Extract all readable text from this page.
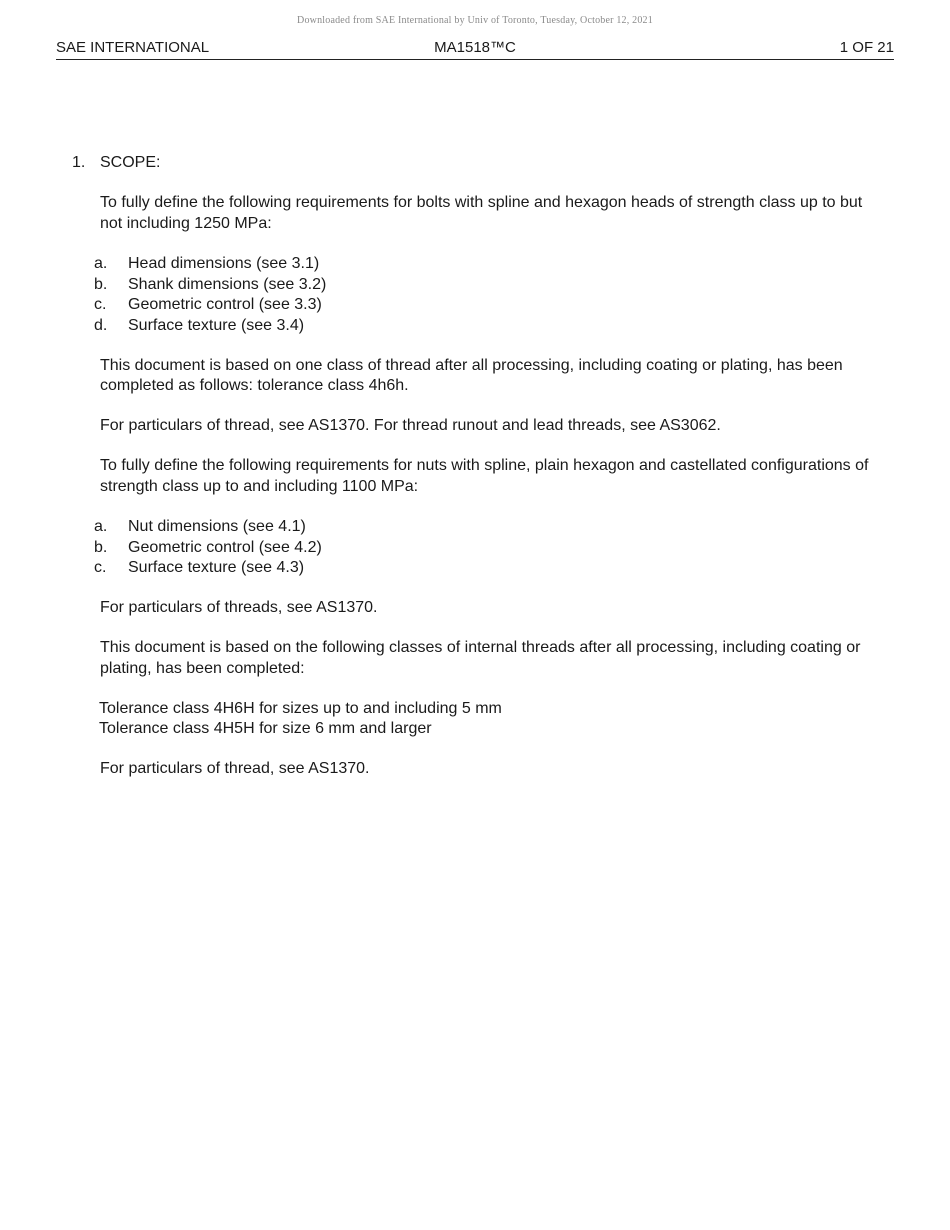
Downloaded from SAE International by Univ of Toronto, Tuesday, October 12, 2021
SAE INTERNATIONAL	MA1518™C	1 OF 21
1. SCOPE:

To fully define the following requirements for bolts with spline and hexagon heads of strength class up to but not including 1250 MPa:

a.	Head dimensions (see 3.1)
b.	Shank dimensions (see 3.2)
c.	Geometric control (see 3.3)
d.	Surface texture (see 3.4)

This document is based on one class of thread after all processing, including coating or plating, has been completed as follows: tolerance class 4h6h.

For particulars of thread, see AS1370. For thread runout and lead threads, see AS3062.

To fully define the following requirements for nuts with spline, plain hexagon and castellated configurations of strength class up to and including 1100 MPa:

a.	Nut dimensions (see 4.1)
b.	Geometric control (see 4.2)
c.	Surface texture (see 4.3)

For particulars of threads, see AS1370.

This document is based on the following classes of internal threads after all processing, including coating or plating, has been completed:

Tolerance class 4H6H for sizes up to and including 5 mm
Tolerance class 4H5H for size 6 mm and larger

For particulars of thread, see AS1370.
